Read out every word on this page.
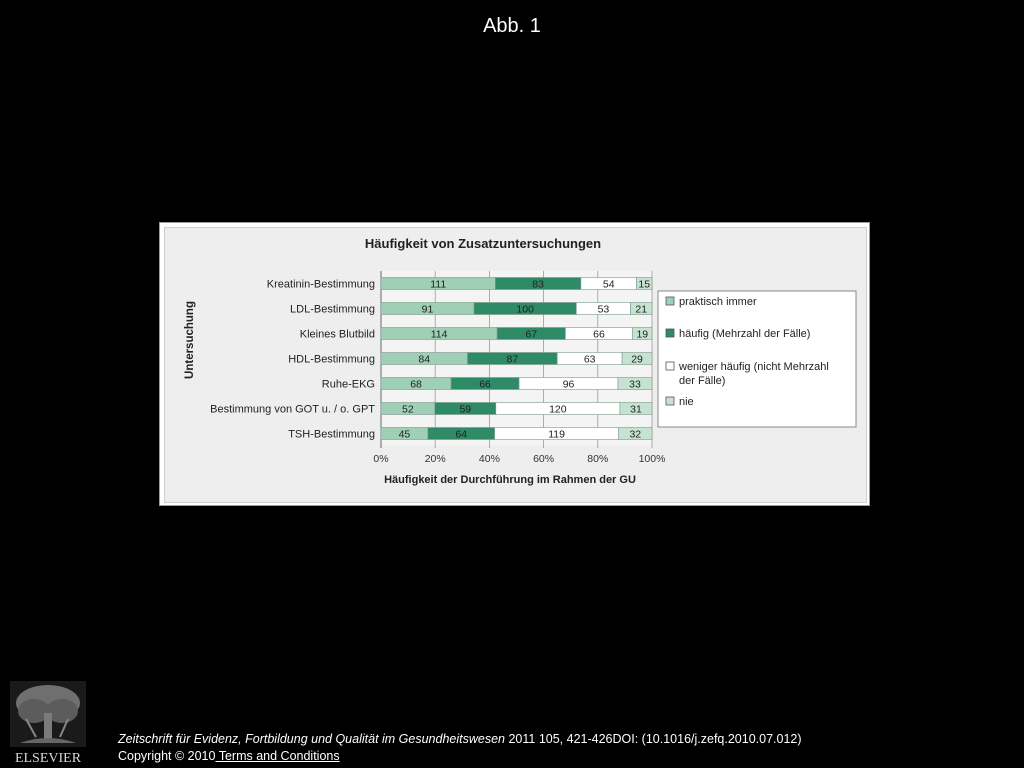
Abb. 1
Häufigkeit von Zusatzuntersuchungen
0%	20%	40%	60%	80%	100%
Kreatinin-Bestimmung	111	83	54 15
LDL-Bestimmung	91	100	53 21
Kleines Blutbild	114	67	66	19
HDL-Bestimmung	84	87	63	29
Ruhe-EKG	68	66	96	33
Bestimmung von GOT u. / o. GPT	52	59	120	31
TSH-Bestimmung 45	64	119	32
Untersuchung
Häufigkeit der Durchführung im Rahmen der GU
praktisch immer
häufig (Mehrzahl der Fälle)
weniger häufig (nicht Mehrzahl
der Fälle)
nie
ELSEVIER
Zeitschrift für Evidenz, Fortbildung und Qualität im Gesundheitswesen 2011 105, 421-426DOI: (10.1016/j.zefq.2010.07.012)
Copyright © 2010 Terms and Conditions
